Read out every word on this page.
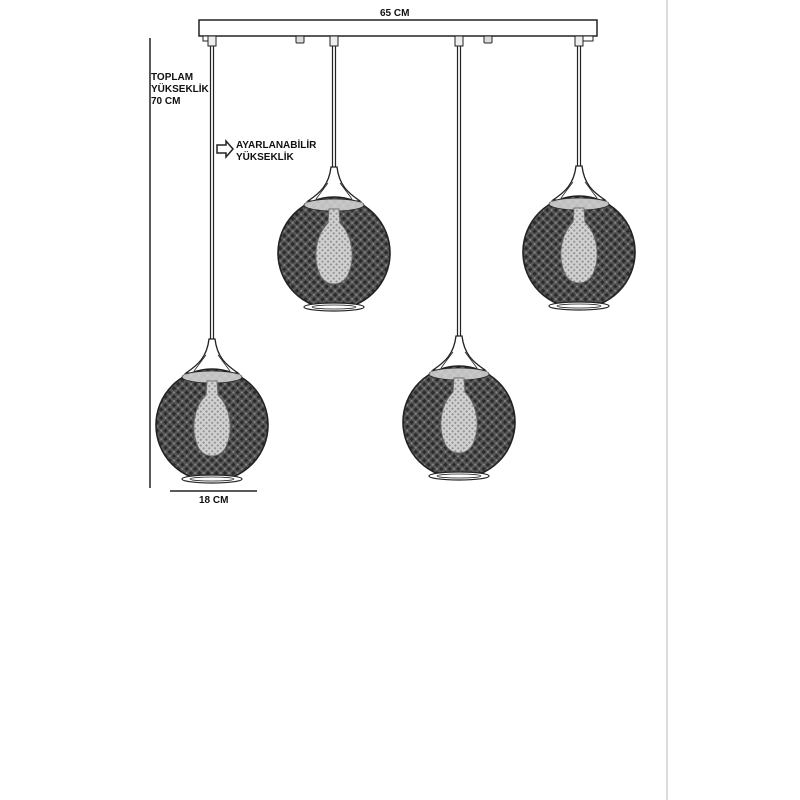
65 CM
TOPLAM
YÜKSEKLİK
70 CM
AYARLANABİLİR
YÜKSEKLİK
18 CM
